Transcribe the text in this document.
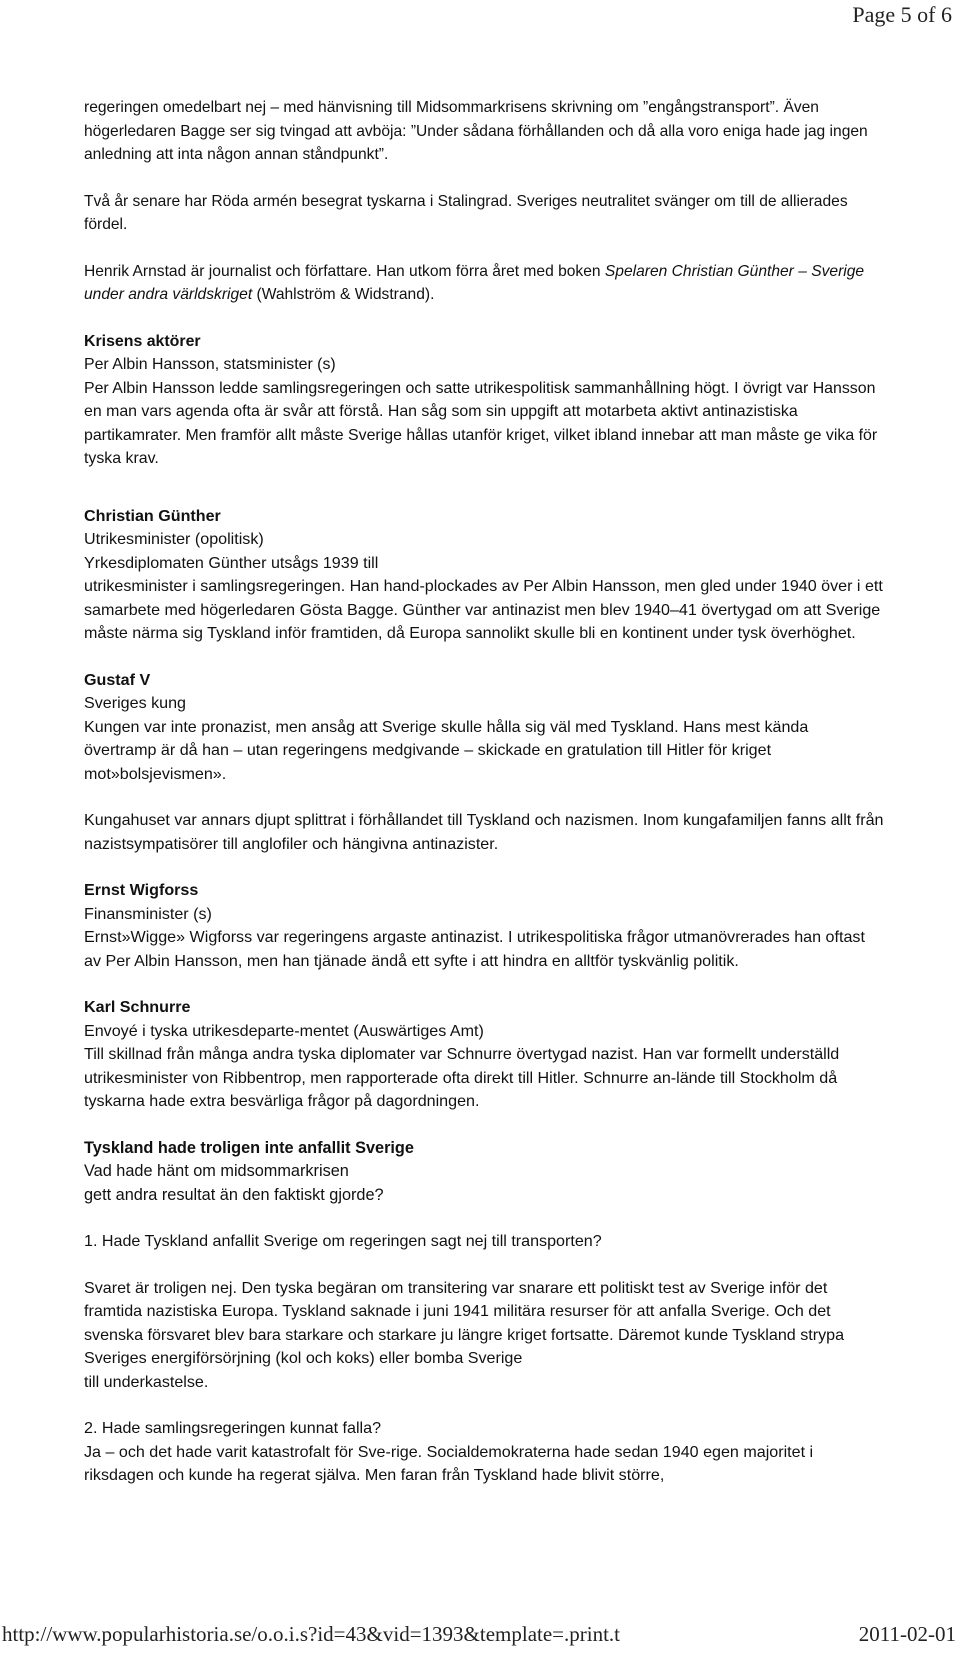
Page 5 of 6

regeringen omedelbart nej – med hänvisning till Midsommarkrisens skrivning om ”engångstransport”. Även högerledaren Bagge ser sig tvingad att avböja: ”Under sådana förhållanden och då alla voro eniga hade jag ingen anledning att inta någon annan ståndpunkt”.

Två år senare har Röda armén besegrat tyskarna i Stalingrad. Sveriges neutralitet svänger om till de allierades fördel.

Henrik Arnstad är journalist och författare. Han utkom förra året med boken Spelaren Christian Günther – Sverige under andra världskriget (Wahlström & Widstrand).

Krisens aktörer
Per Albin Hansson, statsminister (s)
Per Albin Hansson ledde samlingsregeringen och satte utrikespolitisk sammanhållning högt. I övrigt var Hansson en man vars agenda ofta är svår att förstå. Han såg som sin uppgift att motarbeta aktivt antinazistiska partikamrater. Men framför allt måste Sverige hållas utanför kriget, vilket ibland innebar att man måste ge vika för tyska krav.

Christian Günther
Utrikesminister (opolitisk)
Yrkesdiplomaten Günther utsågs 1939 till
utrikesminister i samlingsregeringen. Han hand-plockades av Per Albin Hansson, men gled under 1940 över i ett samarbete med högerledaren Gösta Bagge. Günther var antinazist men blev 1940–41 övertygad om att Sverige måste närma sig Tyskland inför framtiden, då Europa sannolikt skulle bli en kontinent under tysk överhöghet.

Gustaf V
Sveriges kung
Kungen var inte pronazist, men ansåg att Sverige skulle hålla sig väl med Tyskland. Hans mest kända övertramp är då han – utan regeringens medgivande – skickade en gratulation till Hitler för kriget mot»bolsjevismen».

Kungahuset var annars djupt splittrat i förhållandet till Tyskland och nazismen. Inom kungafamiljen fanns allt från nazistsympatisörer till anglofiler och hängivna antinazister.

Ernst Wigforss
Finansminister (s)
Ernst»Wigge» Wigforss var regeringens argaste antinazist. I utrikespolitiska frågor utmanövrerades han oftast av Per Albin Hansson, men han tjänade ändå ett syfte i att hindra en alltför tyskvänlig politik.

Karl Schnurre
Envoyé i tyska utrikesdeparte-mentet (Auswärtiges Amt)
Till skillnad från många andra tyska diplomater var Schnurre övertygad nazist. Han var formellt underställd utrikesminister von Ribbentrop, men rapporterade ofta direkt till Hitler. Schnurre an-lände till Stockholm då tyskarna hade extra besvärliga frågor på dagordningen.

Tyskland hade troligen inte anfallit Sverige
Vad hade hänt om midsommarkrisen
gett andra resultat än den faktiskt gjorde?

1. Hade Tyskland anfallit Sverige om regeringen sagt nej till transporten?

Svaret är troligen nej. Den tyska begäran om transitering var snarare ett politiskt test av Sverige inför det framtida nazistiska Europa. Tyskland saknade i juni 1941 militära resurser för att anfalla Sverige. Och det svenska försvaret blev bara starkare och starkare ju längre kriget fortsatte. Däremot kunde Tyskland strypa Sveriges energiförsörjning (kol och koks) eller bomba Sverige
till underkastelse.

2. Hade samlingsregeringen kunnat falla?
Ja – och det hade varit katastrofalt för Sve-rige. Socialdemokraterna hade sedan 1940 egen majoritet i riksdagen och kunde ha regerat själva. Men faran från Tyskland hade blivit större,

http://www.popularhistoria.se/o.o.i.s?id=43&vid=1393&template=.print.t	2011-02-01
